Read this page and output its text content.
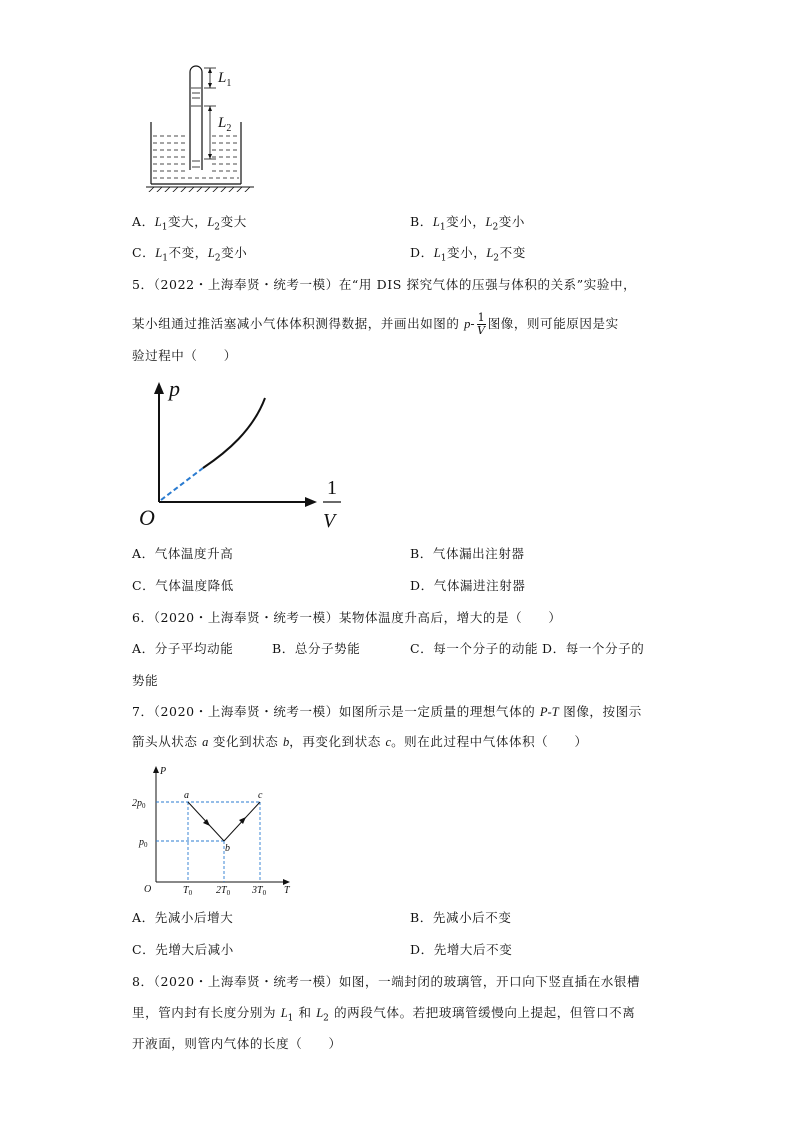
$L_1$
$L_2$
A．$L_1$变大，$L_2$变大	B．$L_1$变小，$L_2$变小
C．$L_1$不变，$L_2$变小	D．$L_1$变小，$L_2$不变
5．（2022・上海奉贤・统考一模）在“用 DIS 探究气体的压强与体积的关系”实验中，
某小组通过推活塞减小气体体积测得数据，并画出如图的 $p- \frac{1}{V}$ 图像，则可能原因是实
验过程中（　　）
p
O
1
V
A．气体温度升高	B．气体漏出注射器
C．气体温度降低	D．气体漏进注射器
6．（2020・上海奉贤・统考一模）某物体温度升高后，增大的是（　　）
A．分子平均动能	B．总分子势能	C．每一个分子的动能 D．每一个分子的
势能
7．（2020・上海奉贤・统考一模）如图所示是一定质量的理想气体的 P-T 图像，按图示
箭头从状态 a 变化到状态 b，再变化到状态 c。则在此过程中气体体积（　　）
P
T
O
a
b
c
$2p_0$
$p_0$
$T_0$ $2T_0$ $3T_0$
A．先减小后增大	B．先减小后不变
C．先增大后减小	D．先增大后不变
8．（2020・上海奉贤・统考一模）如图，一端封闭的玻璃管，开口向下竖直插在水银槽
里，管内封有长度分别为 $L_1$ 和 $L_2$ 的两段气体。若把玻璃管缓慢向上提起，但管口不离
开液面，则管内气体的长度（　　）
